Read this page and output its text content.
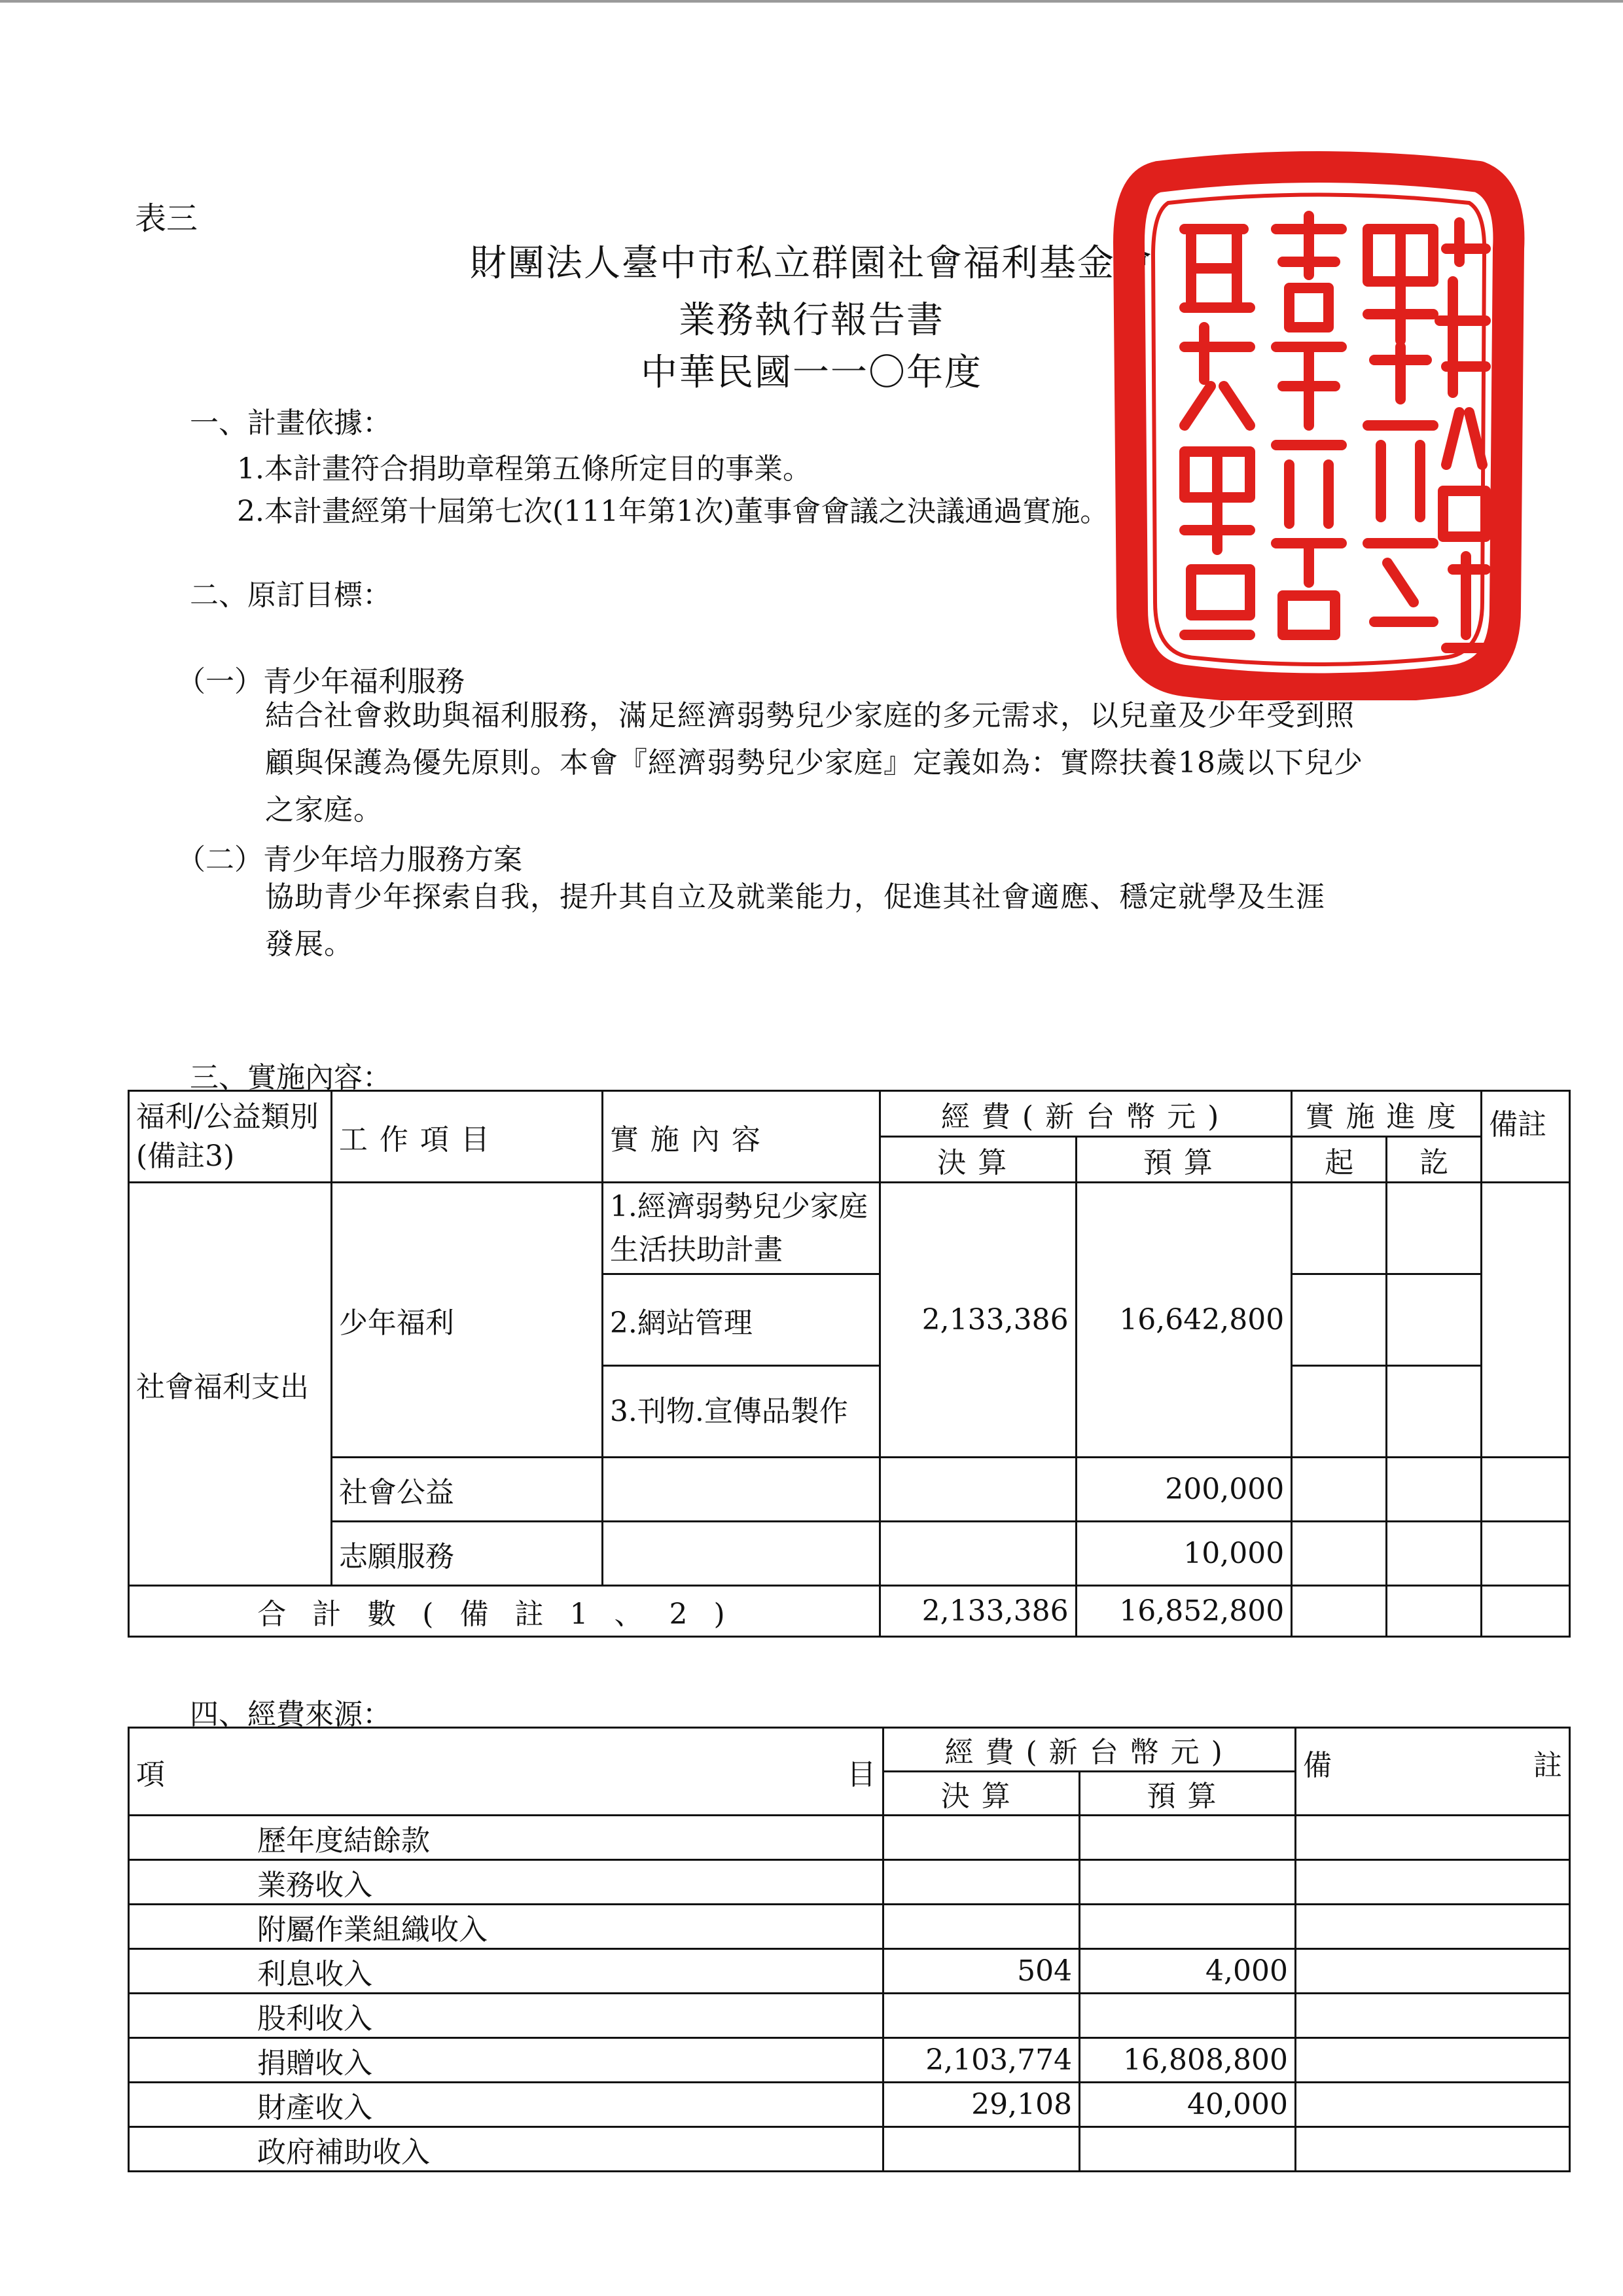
表三
財團法人臺中市私立群園社會福利基金會
業務執行報告書
中華民國一一〇年度
一、計畫依據：
1.本計畫符合捐助章程第五條所定目的事業。
2.本計畫經第十屆第七次(111年第1次)董事會會議之決議通過實施。
二、原訂目標：
（一）青少年福利服務
結合社會救助與福利服務，滿足經濟弱勢兒少家庭的多元需求，以兒童及少年受到照
顧與保護為優先原則。本會『經濟弱勢兒少家庭』定義如為：實際扶養18歲以下兒少
之家庭。
（二）青少年培力服務方案
協助青少年探索自我，提升其自立及就業能力，促進其社會適應、穩定就學及生涯
發展。
三、實施內容：
福利/公益類別(備註3)	工作項目	實施內容	經費(新台幣元)		實施進度		備註
			決算	預算	起	訖	
社會福利支出	少年福利	1.經濟弱勢兒少家庭生活扶助計畫	2,133,386	16,642,800			
		2.網站管理					
		3.刊物.宣傳品製作					
	社會公益			200,000			
	志願服務			10,000			
合計數(備註1、2)			2,133,386	16,852,800			
四、經費來源：
項 目	經費(新台幣元)		備 註

	決算	預算	
歷年度結餘款			
業務收入			
附屬作業組織收入			
利息收入	504	4,000	
股利收入			
捐贈收入	2,103,774	16,808,800	
財產收入	29,108	40,000	
政府補助收入			
